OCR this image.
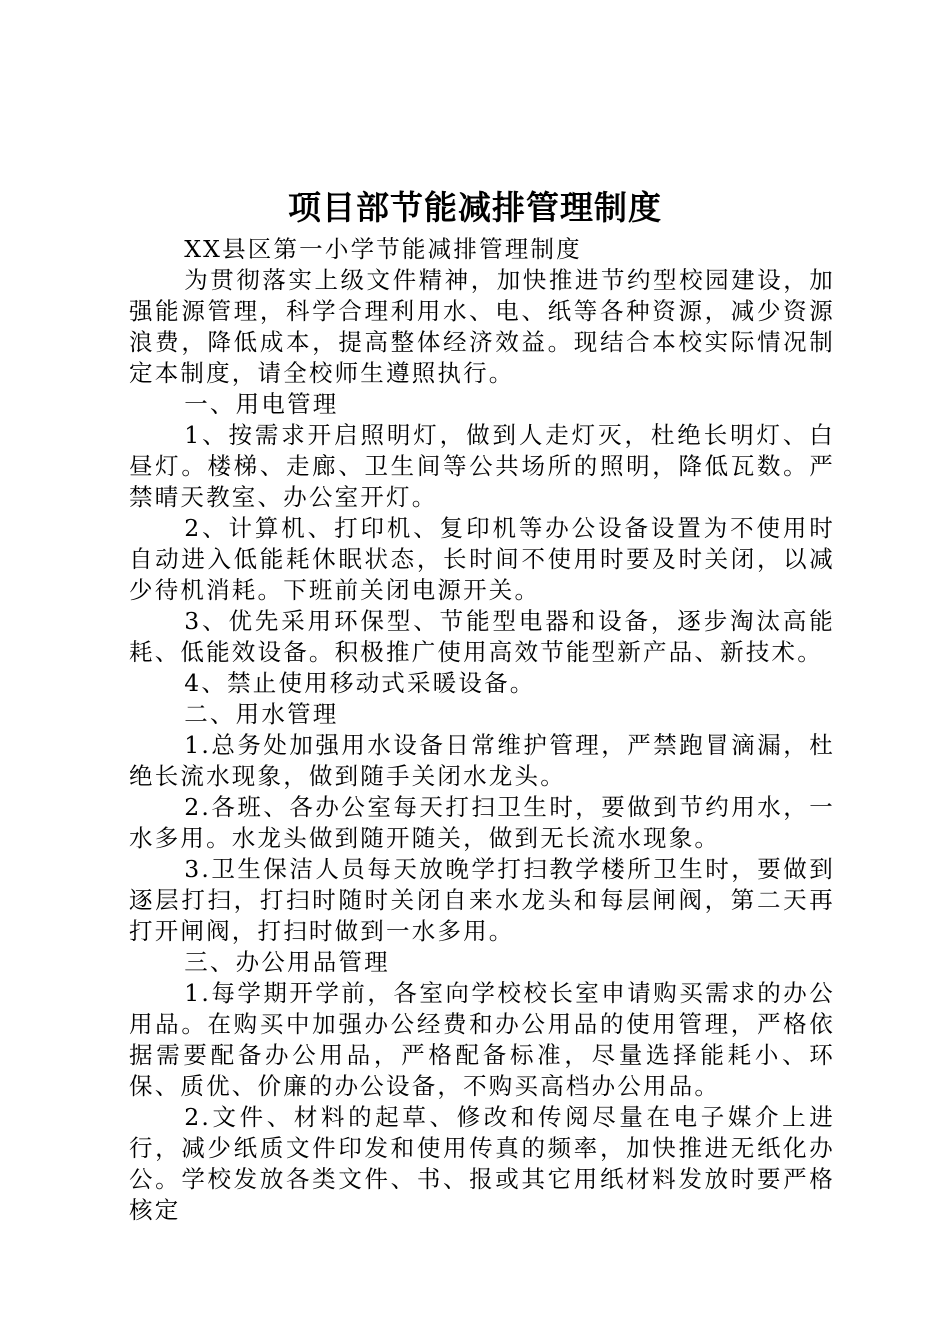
项目部节能减排管理制度

XX县区第一小学节能减排管理制度

为贯彻落实上级文件精神，加快推进节约型校园建设，加强能源管理，科学合理利用水、电、纸等各种资源，减少资源浪费，降低成本，提高整体经济效益。现结合本校实际情况制定本制度，请全校师生遵照执行。

一、用电管理

1、按需求开启照明灯，做到人走灯灭，杜绝长明灯、白昼灯。楼梯、走廊、卫生间等公共场所的照明，降低瓦数。严禁晴天教室、办公室开灯。

2、计算机、打印机、复印机等办公设备设置为不使用时自动进入低能耗休眠状态，长时间不使用时要及时关闭，以减少待机消耗。下班前关闭电源开关。

3、优先采用环保型、节能型电器和设备，逐步淘汰高能耗、低能效设备。积极推广使用高效节能型新产品、新技术。

4、禁止使用移动式采暖设备。

二、用水管理

1.总务处加强用水设备日常维护管理，严禁跑冒滴漏，杜绝长流水现象，做到随手关闭水龙头。

2.各班、各办公室每天打扫卫生时，要做到节约用水，一水多用。水龙头做到随开随关，做到无长流水现象。

3.卫生保洁人员每天放晚学打扫教学楼所卫生时，要做到逐层打扫，打扫时随时关闭自来水龙头和每层闸阀，第二天再打开闸阀，打扫时做到一水多用。

三、办公用品管理

1.每学期开学前，各室向学校校长室申请购买需求的办公用品。在购买中加强办公经费和办公用品的使用管理，严格依据需要配备办公用品，严格配备标准，尽量选择能耗小、环保、质优、价廉的办公设备，不购买高档办公用品。

2.文件、材料的起草、修改和传阅尽量在电子媒介上进行，减少纸质文件印发和使用传真的频率，加快推进无纸化办公。学校发放各类文件、书、报或其它用纸材料发放时要严格核定
